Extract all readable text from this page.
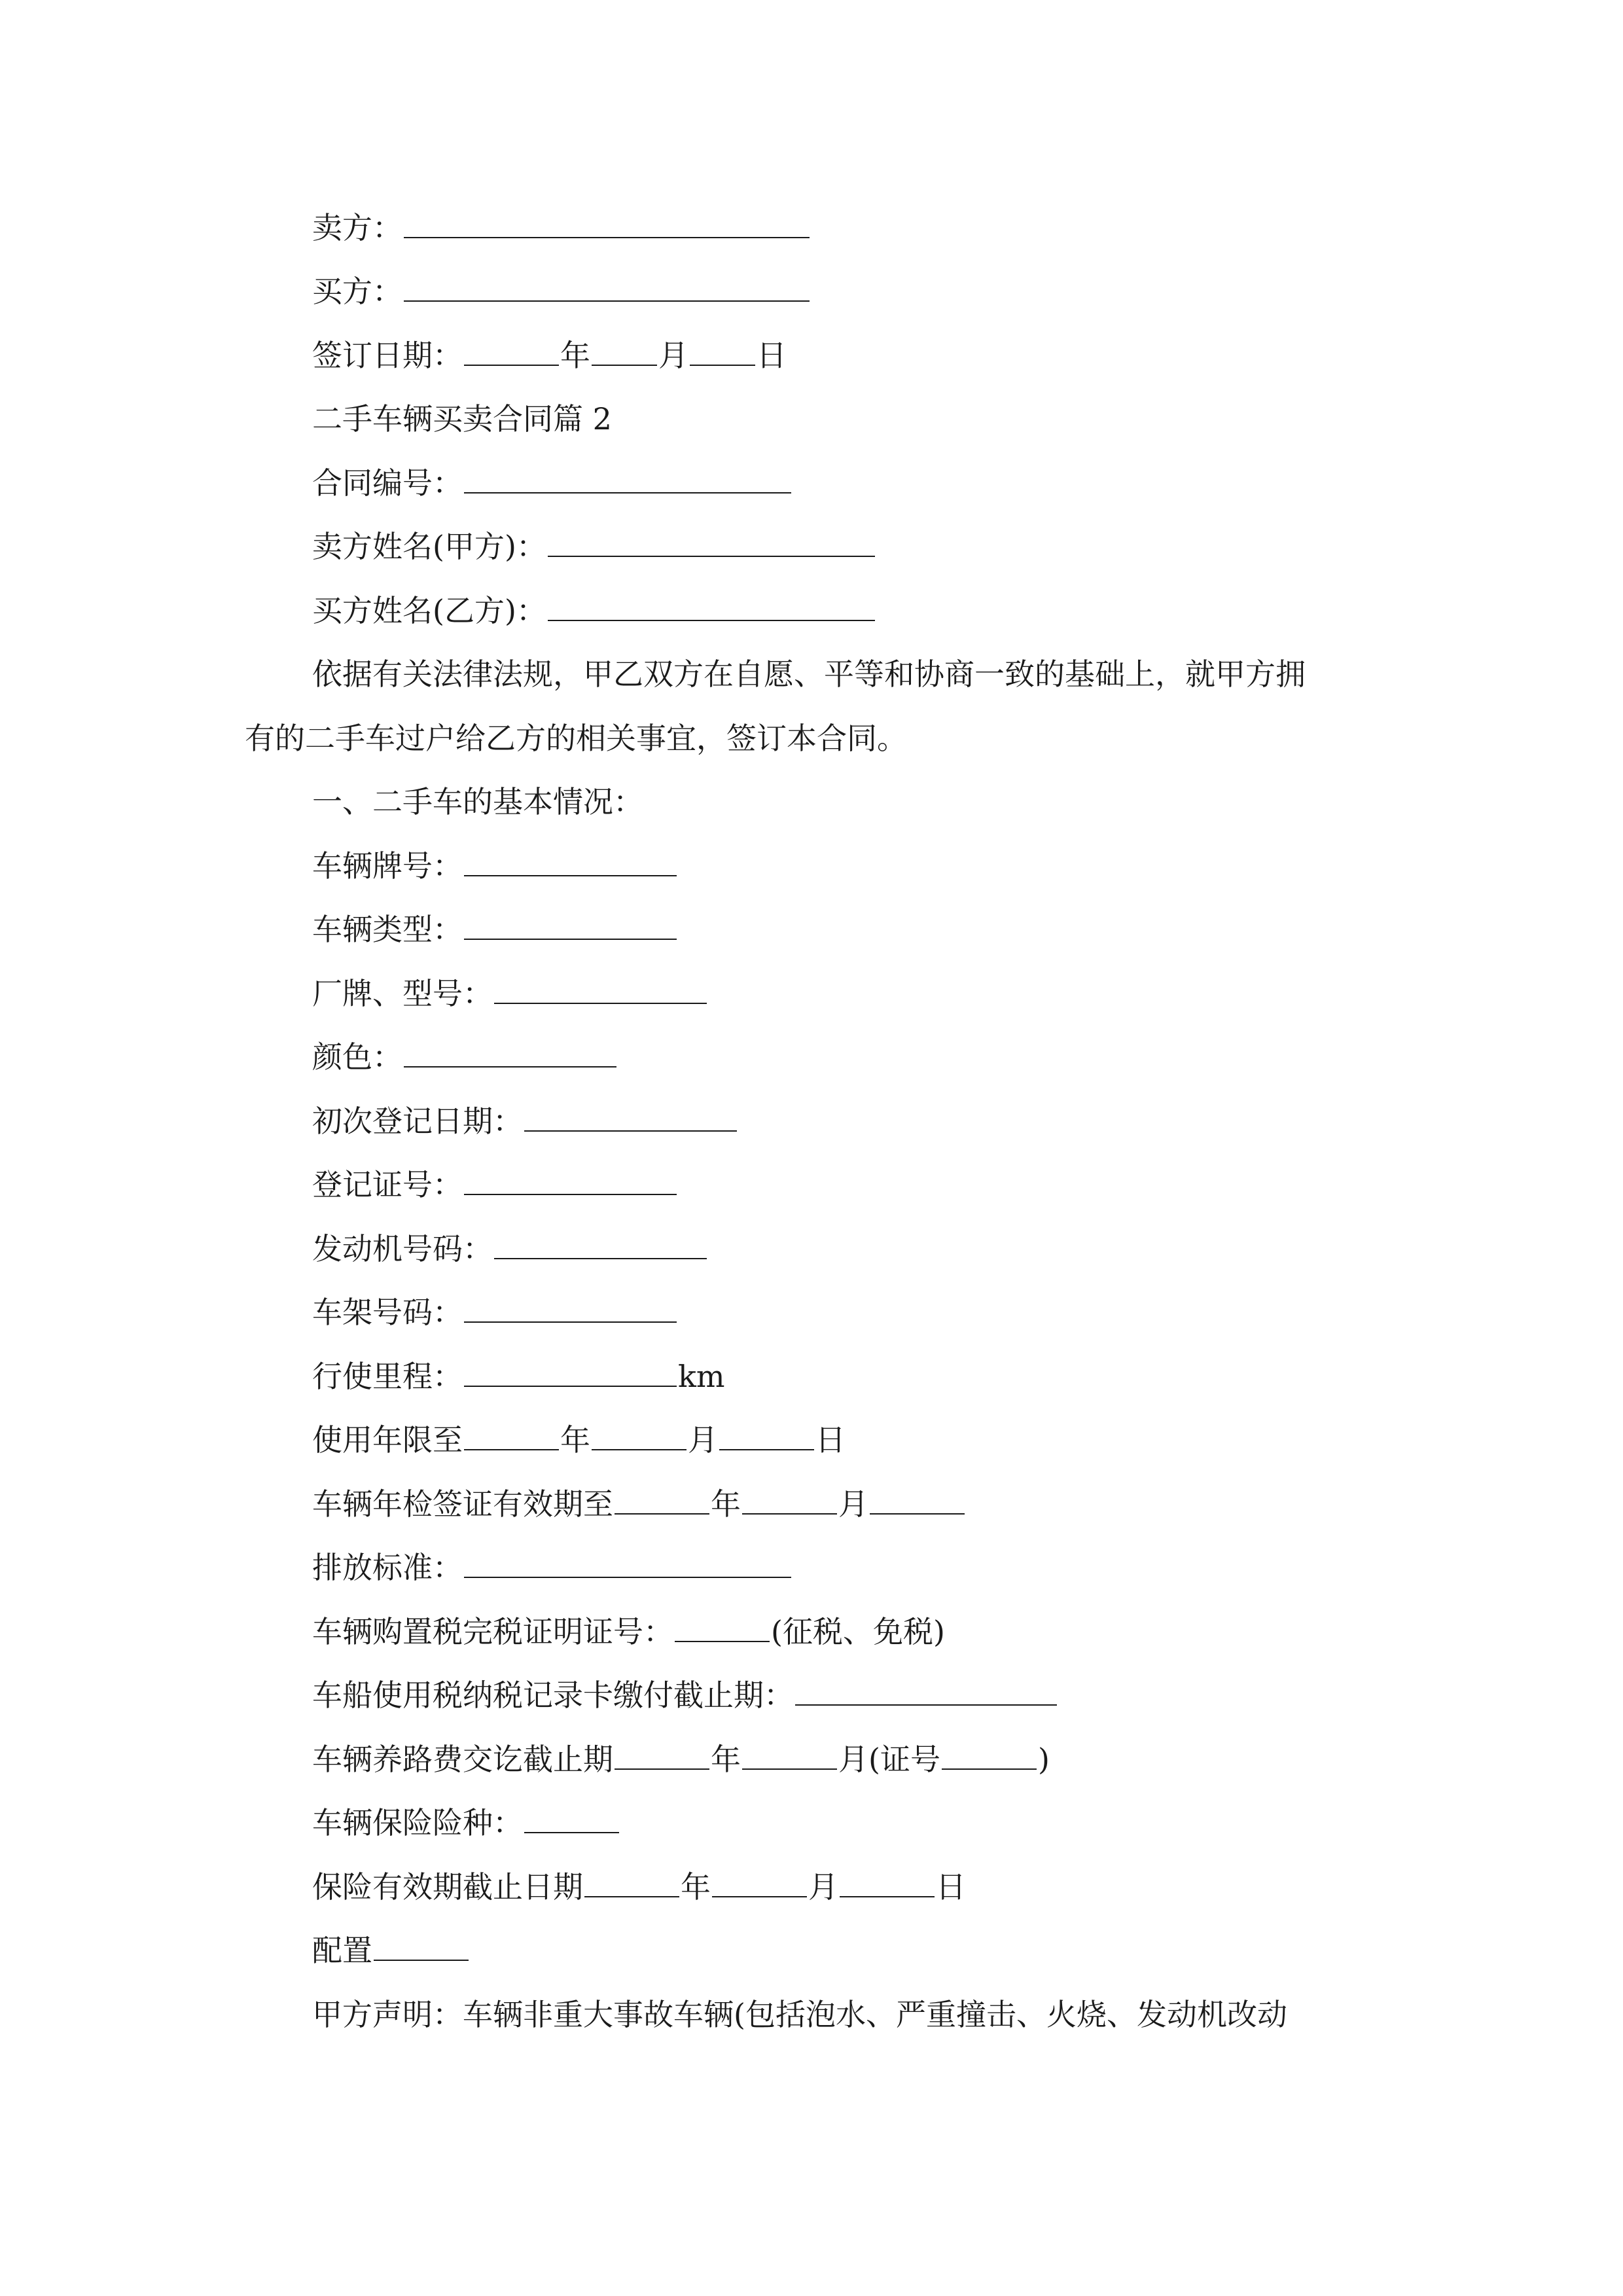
卖方：
买方：
签订日期：	年 月 日
二手车辆买卖合同篇 2
合同编号：
卖方姓名(甲方)：
买方姓名(乙方)：
依据有关法律法规，甲乙双方在自愿、平等和协商一致的基础上，就甲方拥
有的二手车过户给乙方的相关事宜，签订本合同。
一、二手车的基本情况：
车辆牌号：
车辆类型：
厂牌、型号：
颜色：
初次登记日期：
登记证号：
发动机号码：
车架号码：
行使里程：	km
使用年限至	年	月	日
车辆年检签证有效期至	年	月
排放标准：
车辆购置税完税证明证号：	(征税、免税)
车船使用税纳税记录卡缴付截止期：
车辆养路费交讫截止期	年	月(证号	)
车辆保险险种：
保险有效期截止日期	年	月	日
配置
甲方声明：车辆非重大事故车辆(包括泡水、严重撞击、火烧、发动机改动
